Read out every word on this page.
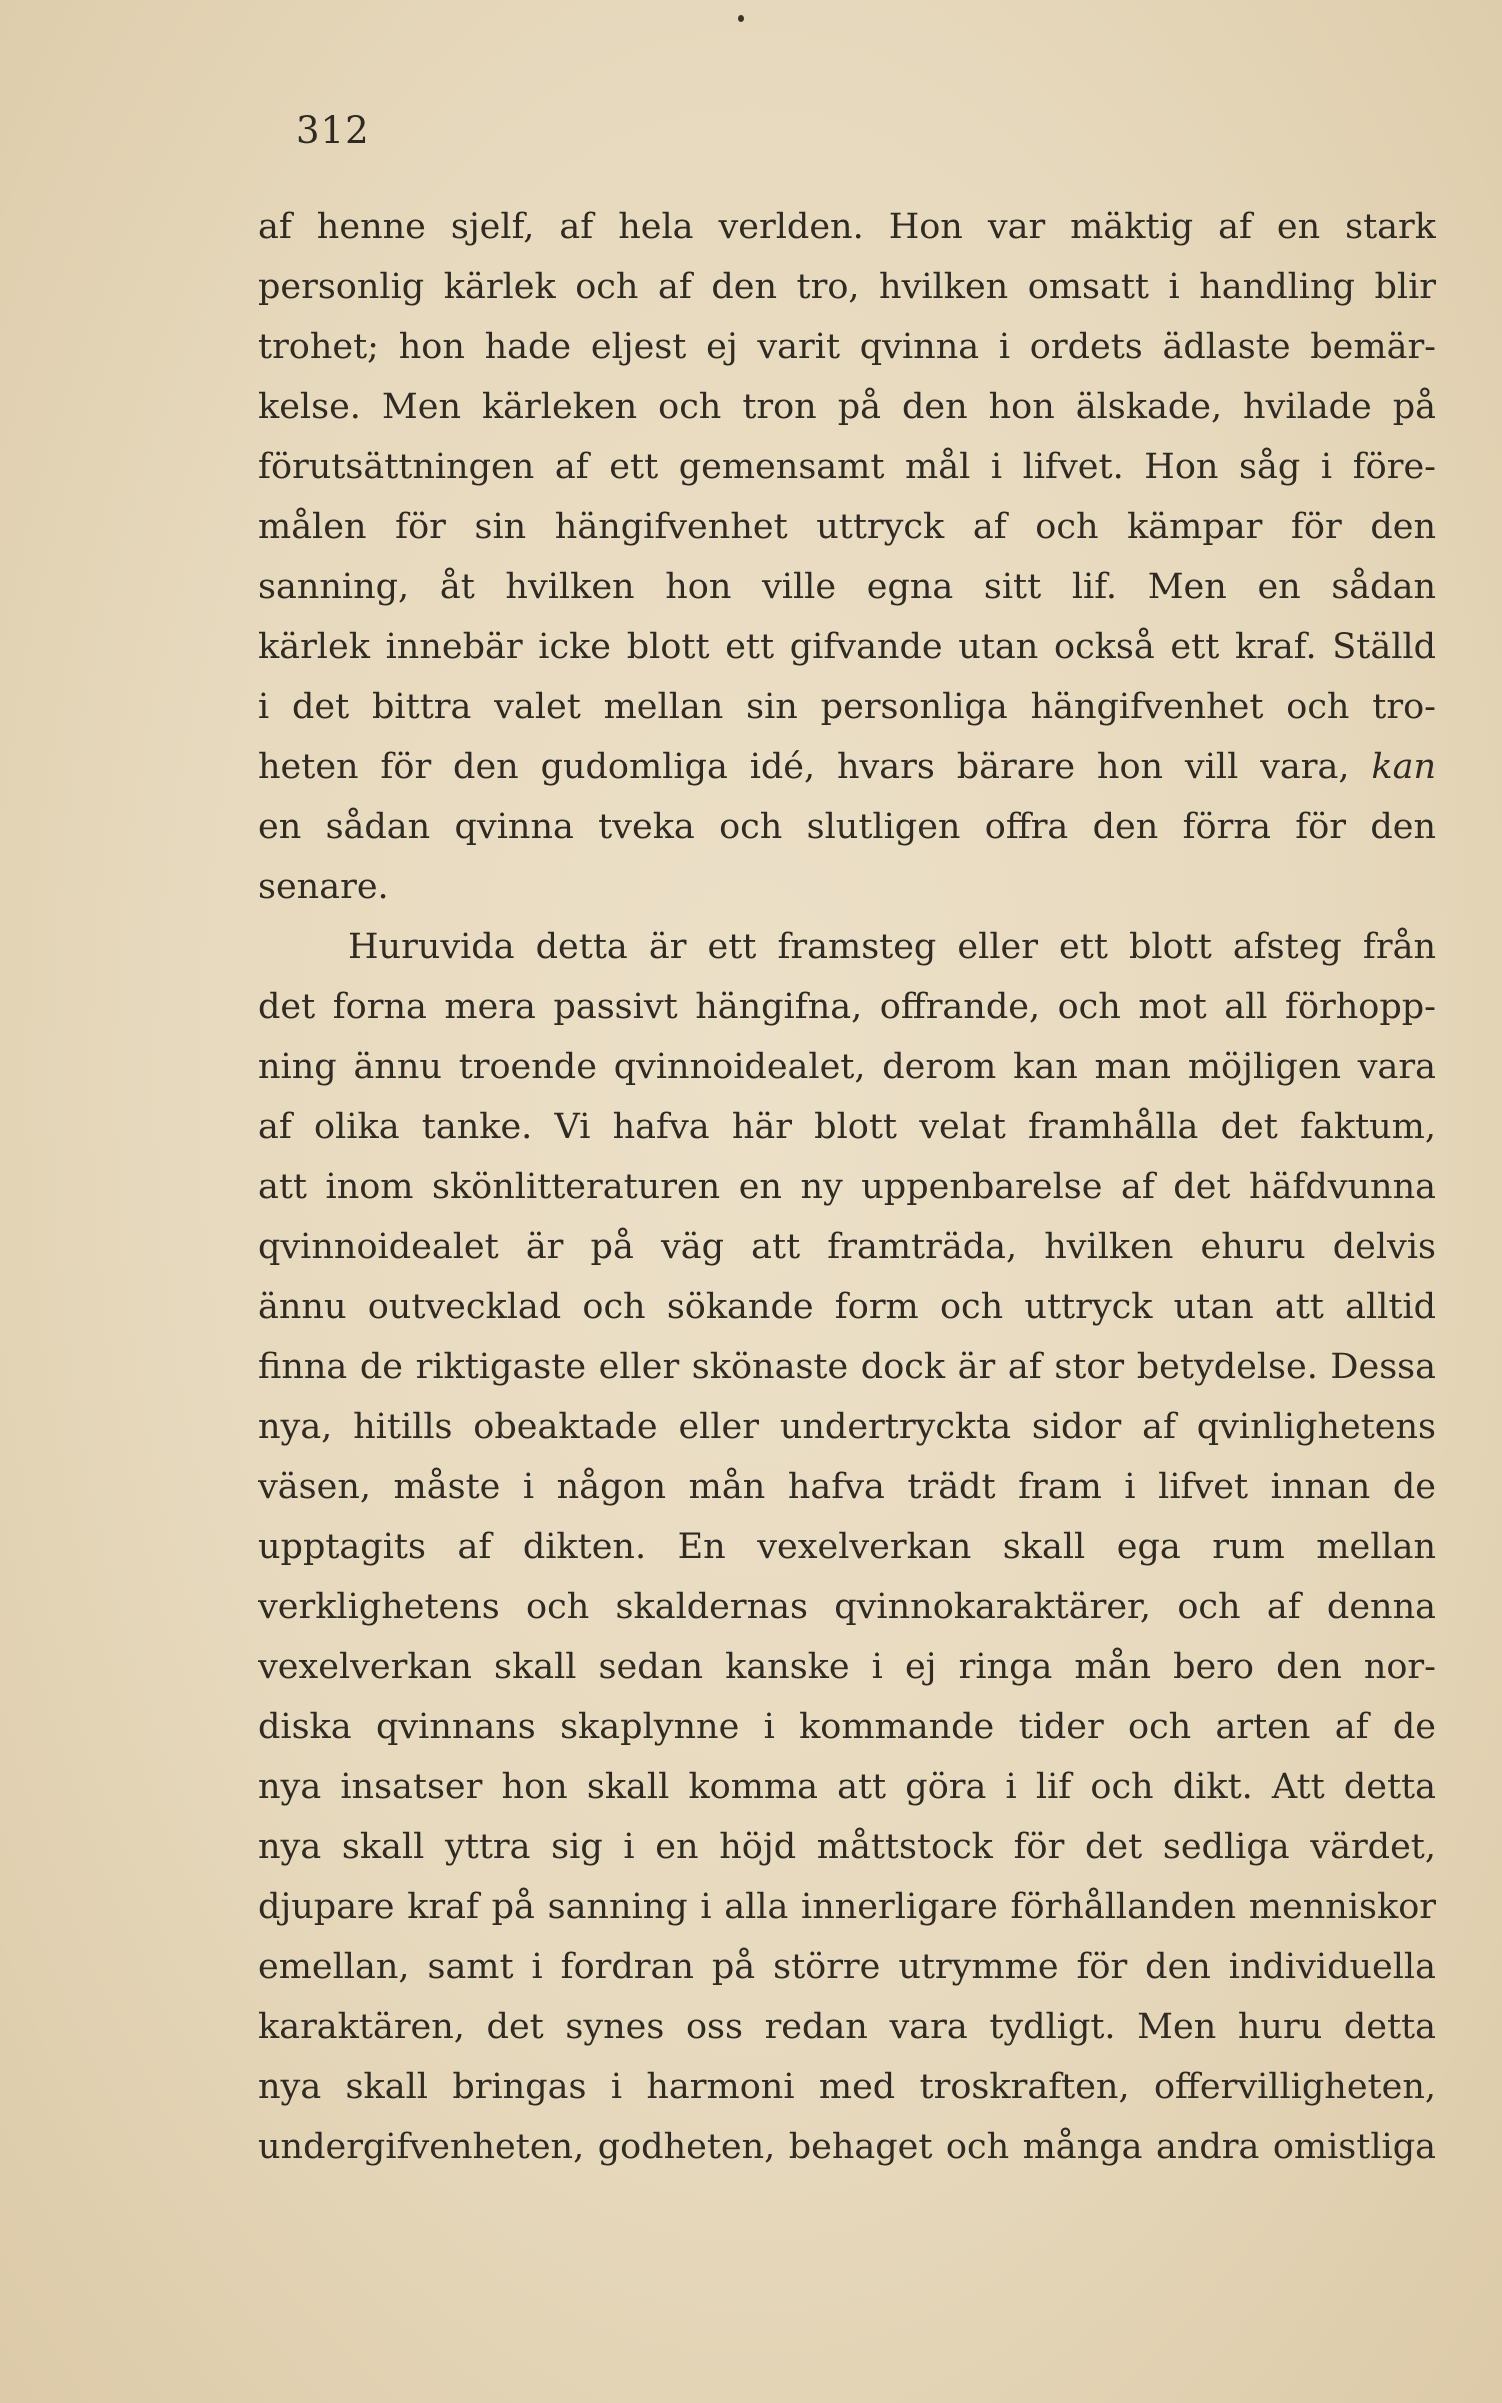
312
af henne sjelf, af hela verlden. Hon var mäktig af en stark
personlig kärlek och af den tro, hvilken omsatt i handling blir
trohet; hon hade eljest ej varit qvinna i ordets ädlaste bemär-
kelse. Men kärleken och tron på den hon älskade, hvilade på
förutsättningen af ett gemensamt mål i lifvet. Hon såg i före-
målen för sin hängifvenhet uttryck af och kämpar för den
sanning, åt hvilken hon ville egna sitt lif. Men en sådan
kärlek innebär icke blott ett gifvande utan också ett kraf. Ställd
i det bittra valet mellan sin personliga hängifvenhet och tro-
heten för den gudomliga idé, hvars bärare hon vill vara, kan
en sådan qvinna tveka och slutligen offra den förra för den
senare.
Huruvida detta är ett framsteg eller ett blott afsteg från
det forna mera passivt hängifna, offrande, och mot all förhopp-
ning ännu troende qvinnoidealet, derom kan man möjligen vara
af olika tanke. Vi hafva här blott velat framhålla det faktum,
att inom skönlitteraturen en ny uppenbarelse af det häfdvunna
qvinnoidealet är på väg att framträda, hvilken ehuru delvis
ännu outvecklad och sökande form och uttryck utan att alltid
finna de riktigaste eller skönaste dock är af stor betydelse. Dessa
nya, hitills obeaktade eller undertryckta sidor af qvinlighetens
väsen, måste i någon mån hafva trädt fram i lifvet innan de
upptagits af dikten. En vexelverkan skall ega rum mellan
verklighetens och skaldernas qvinnokaraktärer, och af denna
vexelverkan skall sedan kanske i ej ringa mån bero den nor-
diska qvinnans skaplynne i kommande tider och arten af de
nya insatser hon skall komma att göra i lif och dikt. Att detta
nya skall yttra sig i en höjd måttstock för det sedliga värdet,
djupare kraf på sanning i alla innerligare förhållanden menniskor
emellan, samt i fordran på större utrymme för den individuella
karaktären, det synes oss redan vara tydligt. Men huru detta
nya skall bringas i harmoni med troskraften, offervilligheten,
undergifvenheten, godheten, behaget och många andra omistliga
